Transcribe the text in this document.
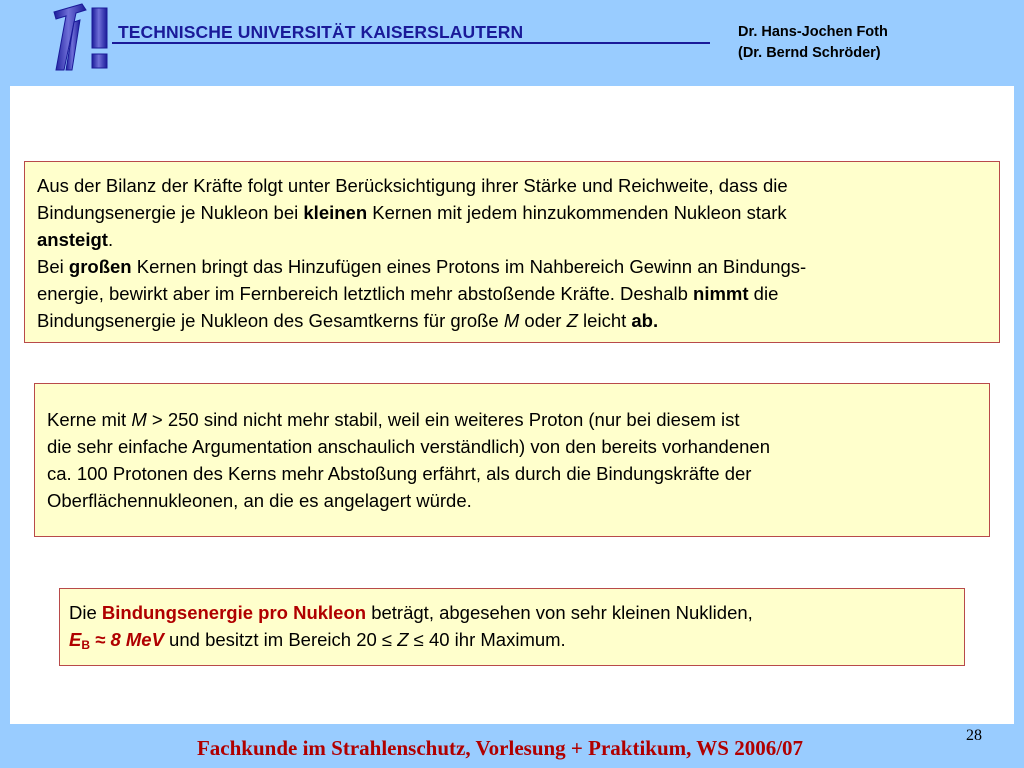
TECHNISCHE UNIVERSITÄT KAISERSLAUTERN	Dr. Hans-Jochen Foth
(Dr. Bernd Schröder)
Aus der Bilanz der Kräfte folgt unter Berücksichtigung ihrer Stärke und Reichweite, dass die
Bindungsenergie je Nukleon bei kleinen Kernen mit jedem hinzukommenden Nukleon stark
ansteigt.
Bei großen Kernen bringt das Hinzufügen eines Protons im Nahbereich Gewinn an Bindungs-
energie, bewirkt aber im Fernbereich letztlich mehr abstoßende Kräfte. Deshalb nimmt die
Bindungsenergie je Nukleon des Gesamtkerns für große M oder Z leicht ab.
Kerne mit M > 250 sind nicht mehr stabil, weil ein weiteres Proton (nur bei diesem ist
die sehr einfache Argumentation anschaulich verständlich) von den bereits vorhandenen
ca. 100 Protonen des Kerns mehr Abstoßung erfährt, als durch die Bindungskräfte der
Oberflächennukleonen, an die es angelagert würde.
Die Bindungsenergie pro Nukleon beträgt, abgesehen von sehr kleinen Nukliden,
$E_B \approx 8$ MeV und besitzt im Bereich 20 ≤ Z ≤ 40 ihr Maximum.
28
Fachkunde im Strahlenschutz, Vorlesung + Praktikum, WS 2006/07
